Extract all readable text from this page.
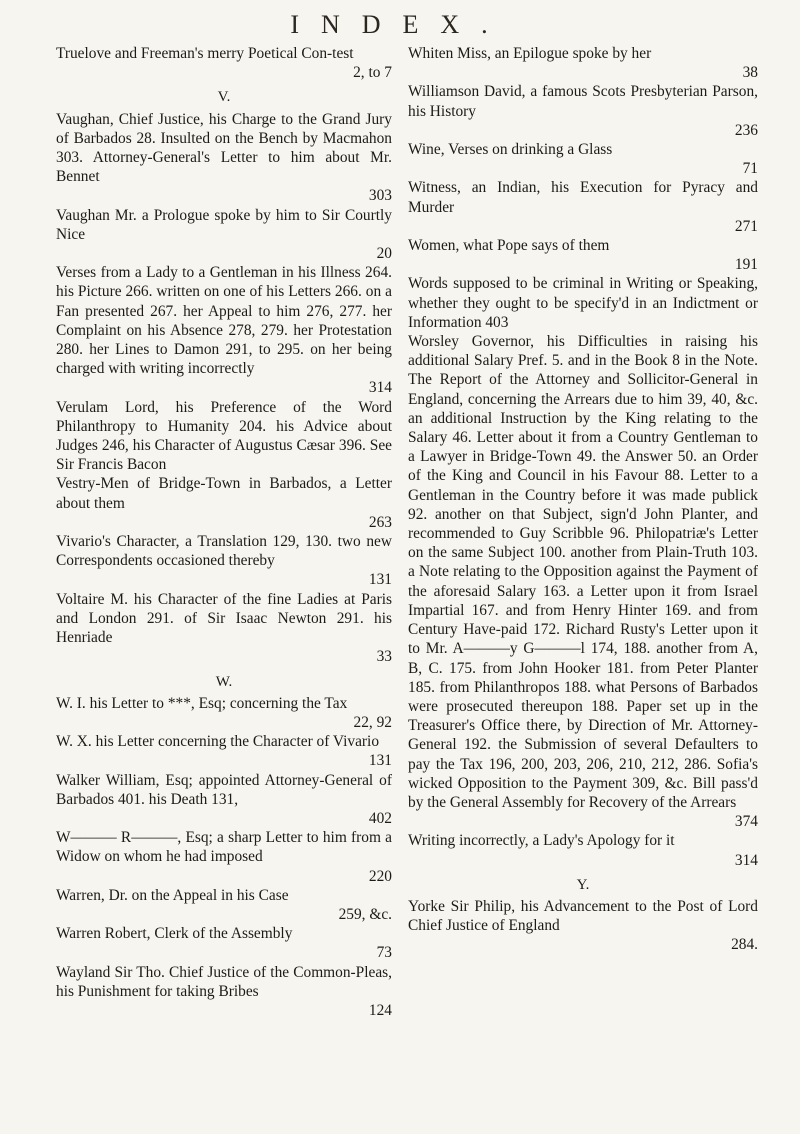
INDEX.
Truelove and Freeman's merry Poetical Con-test
2, to 7
V.
Vaughan, Chief Justice, his Charge to the Grand Jury of Barbados 28. Insulted on the Bench by Macmahon 303. Attorney-General's Letter to him about Mr. Bennet
303
Vaughan Mr. a Prologue spoke by him to Sir Courtly Nice
20
Verses from a Lady to a Gentleman in his Illness 264. his Picture 266. written on one of his Letters 266. on a Fan presented 267. her Appeal to him 276, 277. her Complaint on his Absence 278, 279. her Protestation 280. her Lines to Damon 291, to 295. on her being charged with writing incorrectly
314
Verulam Lord, his Preference of the Word Philanthropy to Humanity 204. his Advice about Judges 246, his Character of Augustus Cæsar 396. See Sir Francis Bacon
Vestry-Men of Bridge-Town in Barbados, a Letter about them
263
Vivario's Character, a Translation 129, 130. two new Correspondents occasioned thereby
131
Voltaire M. his Character of the fine Ladies at Paris and London 291. of Sir Isaac Newton 291. his Henriade
33
W.
W. I. his Letter to ***, Esq; concerning the Tax
22, 92
W. X. his Letter concerning the Character of Vivario
131
Walker William, Esq; appointed Attorney-General of Barbados 401. his Death 131,
402
W——— R———, Esq; a sharp Letter to him from a Widow on whom he had imposed
220
Warren, Dr. on the Appeal in his Case
259, &c.
Warren Robert, Clerk of the Assembly
73
Wayland Sir Tho. Chief Justice of the Common-Pleas, his Punishment for taking Bribes
124
Whiten Miss, an Epilogue spoke by her
38
Williamson David, a famous Scots Presbyterian Parson, his History
236
Wine, Verses on drinking a Glass
71
Witness, an Indian, his Execution for Pyracy and Murder
271
Women, what Pope says of them
191
Words supposed to be criminal in Writing or Speaking, whether they ought to be specify'd in an Indictment or Information 403
Worsley Governor, his Difficulties in raising his additional Salary Pref. 5. and in the Book 8 in the Note. The Report of the Attorney and Sollicitor-General in England, concerning the Arrears due to him 39, 40, &c. an additional Instruction by the King relating to the Salary 46. Letter about it from a Country Gentleman to a Lawyer in Bridge-Town 49. the Answer 50. an Order of the King and Council in his Favour 88. Letter to a Gentleman in the Country before it was made publick 92. another on that Subject, sign'd John Planter, and recommended to Guy Scribble 96. Philopatriæ's Letter on the same Subject 100. another from Plain-Truth 103. a Note relating to the Opposition against the Payment of the aforesaid Salary 163. a Letter upon it from Israel Impartial 167. and from Henry Hinter 169. and from Century Have-paid 172. Richard Rusty's Letter upon it to Mr. A———y G———l 174, 188. another from A, B, C. 175. from John Hooker 181. from Peter Planter 185. from Philanthropos 188. what Persons of Barbados were prosecuted thereupon 188. Paper set up in the Treasurer's Office there, by Direction of Mr. Attorney-General 192. the Submission of several Defaulters to pay the Tax 196, 200, 203, 206, 210, 212, 286. Sofia's wicked Opposition to the Payment 309, &c. Bill pass'd by the General Assembly for Recovery of the Arrears
374
Writing incorrectly, a Lady's Apology for it
314
Y.
Yorke Sir Philip, his Advancement to the Post of Lord Chief Justice of England
284.
